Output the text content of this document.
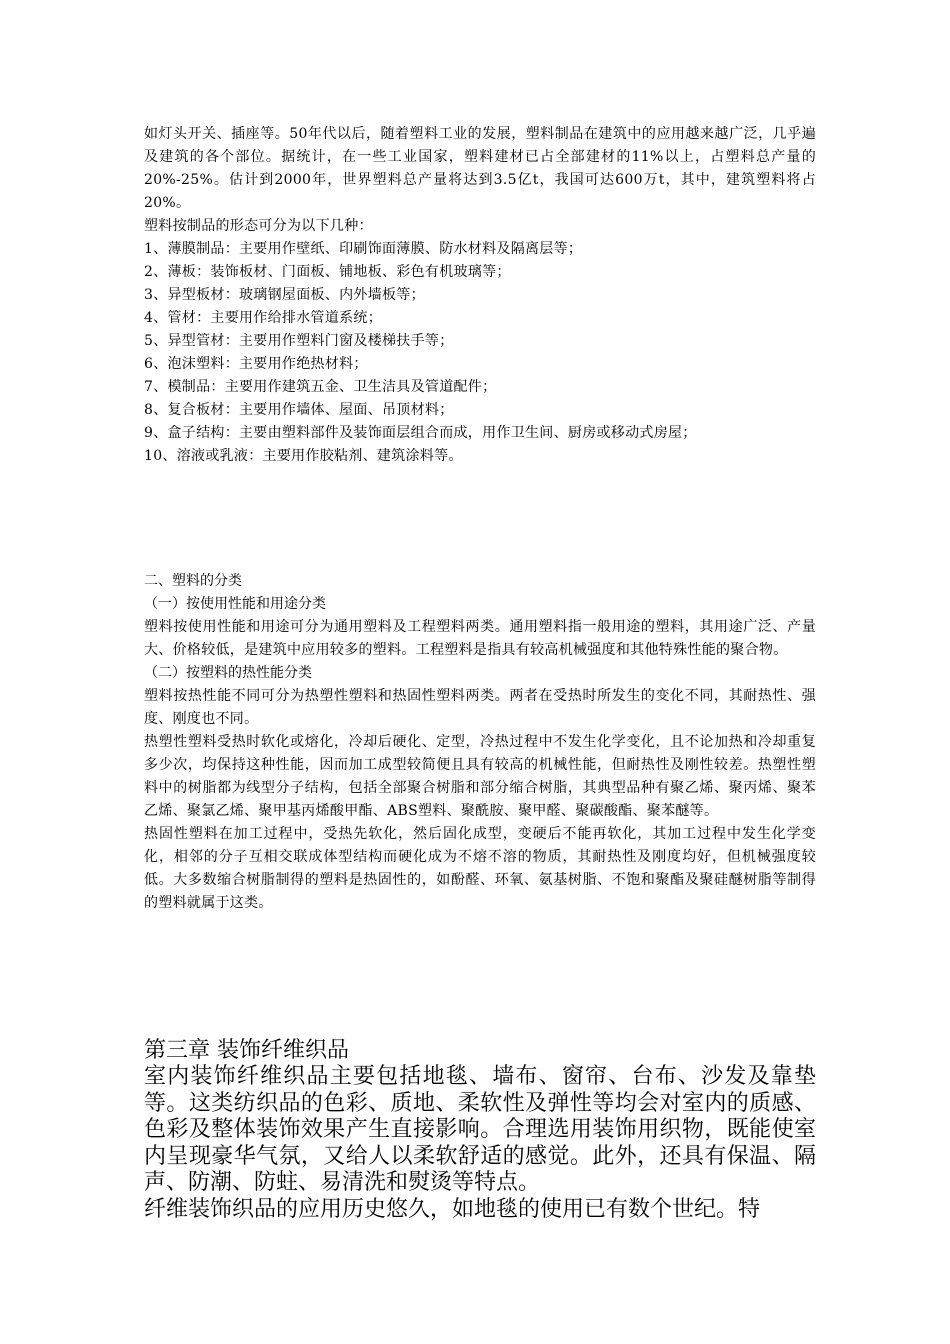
如灯头开关、插座等。50年代以后，随着塑料工业的发展，塑料制品在建筑中的应用越来越广泛，几乎遍及建筑的各个部位。据统计，在一些工业国家，塑料建材已占全部建材的11%以上，占塑料总产量的20%-25%。估计到2000年，世界塑料总产量将达到3.5亿t，我国可达600万t，其中，建筑塑料将占20%。

塑料按制品的形态可分为以下几种：

1、薄膜制品：主要用作壁纸、印刷饰面薄膜、防水材料及隔离层等；

2、薄板：装饰板材、门面板、铺地板、彩色有机玻璃等；

3、异型板材：玻璃钢屋面板、内外墙板等；

4、管材：主要用作给排水管道系统；

5、异型管材：主要用作塑料门窗及楼梯扶手等；

6、泡沫塑料：主要用作绝热材料；

7、模制品：主要用作建筑五金、卫生洁具及管道配件；

8、复合板材：主要用作墙体、屋面、吊顶材料；

9、盒子结构：主要由塑料部件及装饰面层组合而成，用作卫生间、厨房或移动式房屋；

10、溶液或乳液：主要用作胶粘剂、建筑涂料等。

二、塑料的分类

（一）按使用性能和用途分类

塑料按使用性能和用途可分为通用塑料及工程塑料两类。通用塑料指一般用途的塑料，其用途广泛、产量大、价格较低，是建筑中应用较多的塑料。工程塑料是指具有较高机械强度和其他特殊性能的聚合物。

（二）按塑料的热性能分类

塑料按热性能不同可分为热塑性塑料和热固性塑料两类。两者在受热时所发生的变化不同，其耐热性、强度、刚度也不同。

热塑性塑料受热时软化或熔化，冷却后硬化、定型，冷热过程中不发生化学变化，且不论加热和冷却重复多少次，均保持这种性能，因而加工成型较简便且具有较高的机械性能，但耐热性及刚性较差。热塑性塑料中的树脂都为线型分子结构，包括全部聚合树脂和部分缩合树脂，其典型品种有聚乙烯、聚丙烯、聚苯乙烯、聚氯乙烯、聚甲基丙烯酸甲酯、ABS塑料、聚酰胺、聚甲醛、聚碳酸酯、聚苯醚等。

热固性塑料在加工过程中，受热先软化，然后固化成型，变硬后不能再软化，其加工过程中发生化学变化，相邻的分子互相交联成体型结构而硬化成为不熔不溶的物质，其耐热性及刚度均好，但机械强度较低。大多数缩合树脂制得的塑料是热固性的，如酚醛、环氧、氨基树脂、不饱和聚酯及聚硅醚树脂等制得的塑料就属于这类。

第三章 装饰纤维织品

室内装饰纤维织品主要包括地毯、墙布、窗帘、台布、沙发及靠垫等。这类纺织品的色彩、质地、柔软性及弹性等均会对室内的质感、色彩及整体装饰效果产生直接影响。合理选用装饰用织物，既能使室内呈现豪华气氛，又给人以柔软舒适的感觉。此外，还具有保温、隔声、防潮、防蛀、易清洗和熨烫等特点。

纤维装饰织品的应用历史悠久，如地毯的使用已有数个世纪。特
